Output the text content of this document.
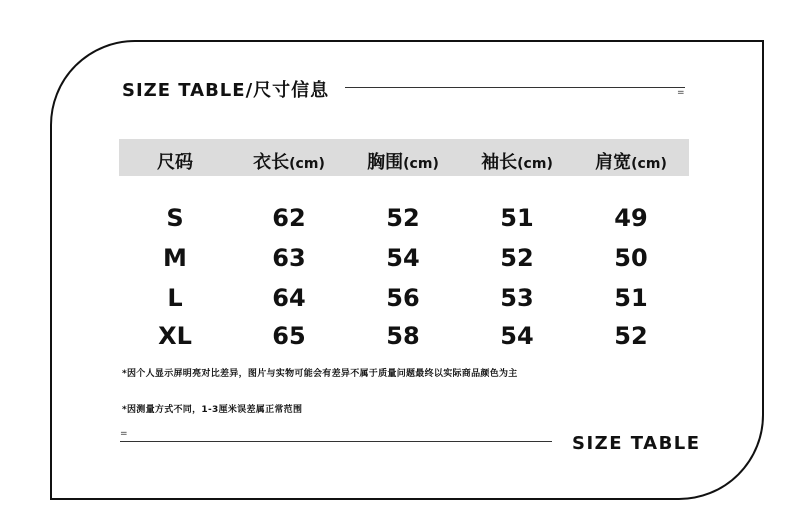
SIZE TABLE/尺寸信息	=
尺码	衣长(cm)	胸围(cm)	袖长(cm)	肩宽(cm)
S	62	52	51	49
M	63	54	52	50
L	64	56	53	51
XL	65	58	54	52
*因个人显示屏明亮对比差异，图片与实物可能会有差异不属于质量问题最终以实际商品颜色为主
*因测量方式不同，1-3厘米误差属正常范围
=	SIZE TABLE
